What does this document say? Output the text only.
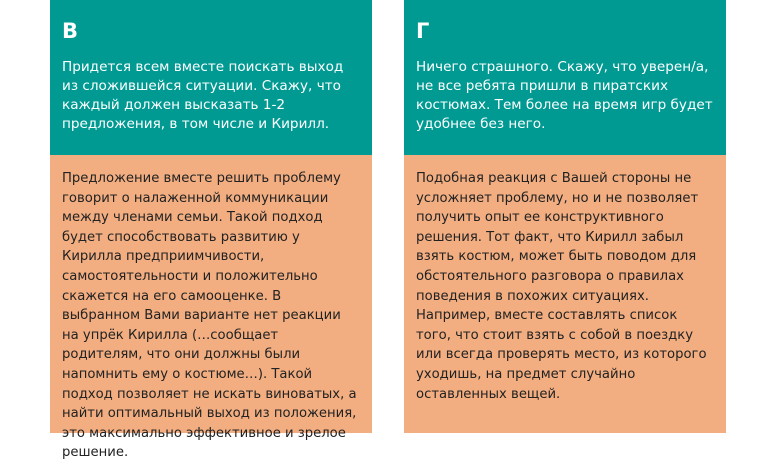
В
Придется всем вместе поискать выход из сложившейся ситуации. Скажу, что каждый должен высказать 1-2 предложения, в том числе и Кирилл.
Предложение вместе решить проблему говорит о налаженной коммуникации между членами семьи. Такой подход будет способствовать развитию у Кирилла предприимчивости, самостоятельности и положительно скажется на его самооценке. В выбранном Вами варианте нет реакции на упрёк Кирилла (…сообщает родителям, что они должны были напомнить ему о костюме…). Такой подход позволяет не искать виноватых, а найти оптимальный выход из положения, это максимально эффективное и зрелое решение.
Г
Ничего страшного. Скажу, что уверен/а, не все ребята пришли в пиратских костюмах. Тем более на время игр будет удобнее без него.
Подобная реакция с Вашей стороны не усложняет проблему, но и не позволяет получить опыт ее конструктивного решения. Тот факт, что Кирилл забыл взять костюм, может быть поводом для обстоятельного разговора о правилах поведения в похожих ситуациях. Например, вместе составлять список того, что стоит взять с собой в поездку или всегда проверять место, из которого уходишь, на предмет случайно оставленных вещей.
